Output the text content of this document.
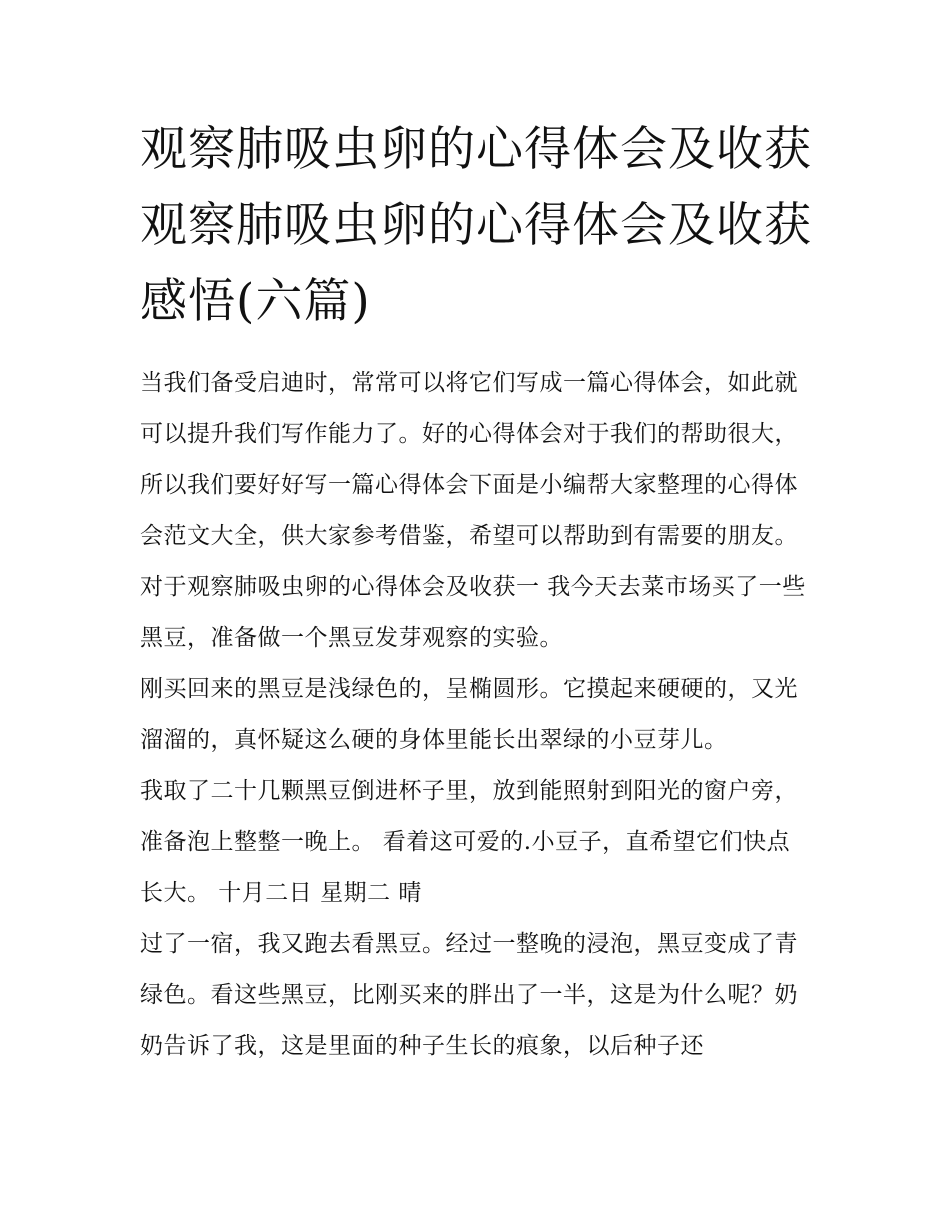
观察肺吸虫卵的心得体会及收获 观察肺吸虫卵的心得体会及收获感悟(六篇)

当我们备受启迪时，常常可以将它们写成一篇心得体会，如此就可以提升我们写作能力了。好的心得体会对于我们的帮助很大，所以我们要好好写一篇心得体会下面是小编帮大家整理的心得体会范文大全，供大家参考借鉴，希望可以帮助到有需要的朋友。

对于观察肺吸虫卵的心得体会及收获一 我今天去菜市场买了一些黑豆，准备做一个黑豆发芽观察的实验。

刚买回来的黑豆是浅绿色的，呈椭圆形。它摸起来硬硬的，又光溜溜的，真怀疑这么硬的身体里能长出翠绿的小豆芽儿。

我取了二十几颗黑豆倒进杯子里，放到能照射到阳光的窗户旁，准备泡上整整一晚上。 看着这可爱的.小豆子，直希望它们快点长大。 十月二日 星期二 晴

过了一宿，我又跑去看黑豆。经过一整晚的浸泡，黑豆变成了青绿色。看这些黑豆，比刚买来的胖出了一半，这是为什么呢？奶奶告诉了我，这是里面的种子生长的痕象，以后种子还
